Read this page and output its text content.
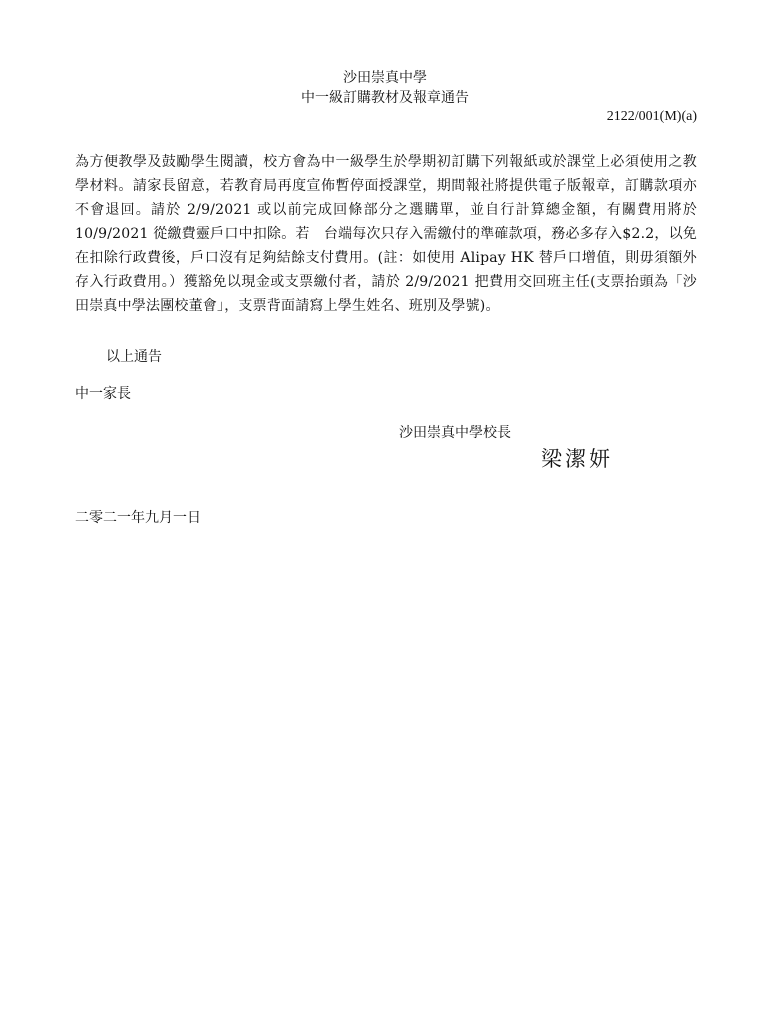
沙田崇真中學
中一級訂購教材及報章通告
2122/001(M)(a)
為方便教學及鼓勵學生閱讀，校方會為中一級學生於學期初訂購下列報紙或於課堂上必須使用之教學材料。請家長留意，若教育局再度宣佈暫停面授課堂，期間報社將提供電子版報章，訂購款項亦不會退回。請於 2/9/2021 或以前完成回條部分之選購單，並自行計算總金額，有關費用將於 10/9/2021 從繳費靈戶口中扣除。若　台端每次只存入需繳付的準確款項，務必多存入$2.2，以免在扣除行政費後，戶口沒有足夠結餘支付費用。(註：如使用 Alipay HK 替戶口增值，則毋須額外存入行政費用。）獲豁免以現金或支票繳付者，請於 2/9/2021 把費用交回班主任(支票抬頭為「沙田崇真中學法團校董會」，支票背面請寫上學生姓名、班別及學號)。
以上通告
中一家長
沙田崇真中學校長
梁潔妍
二零二一年九月一日
